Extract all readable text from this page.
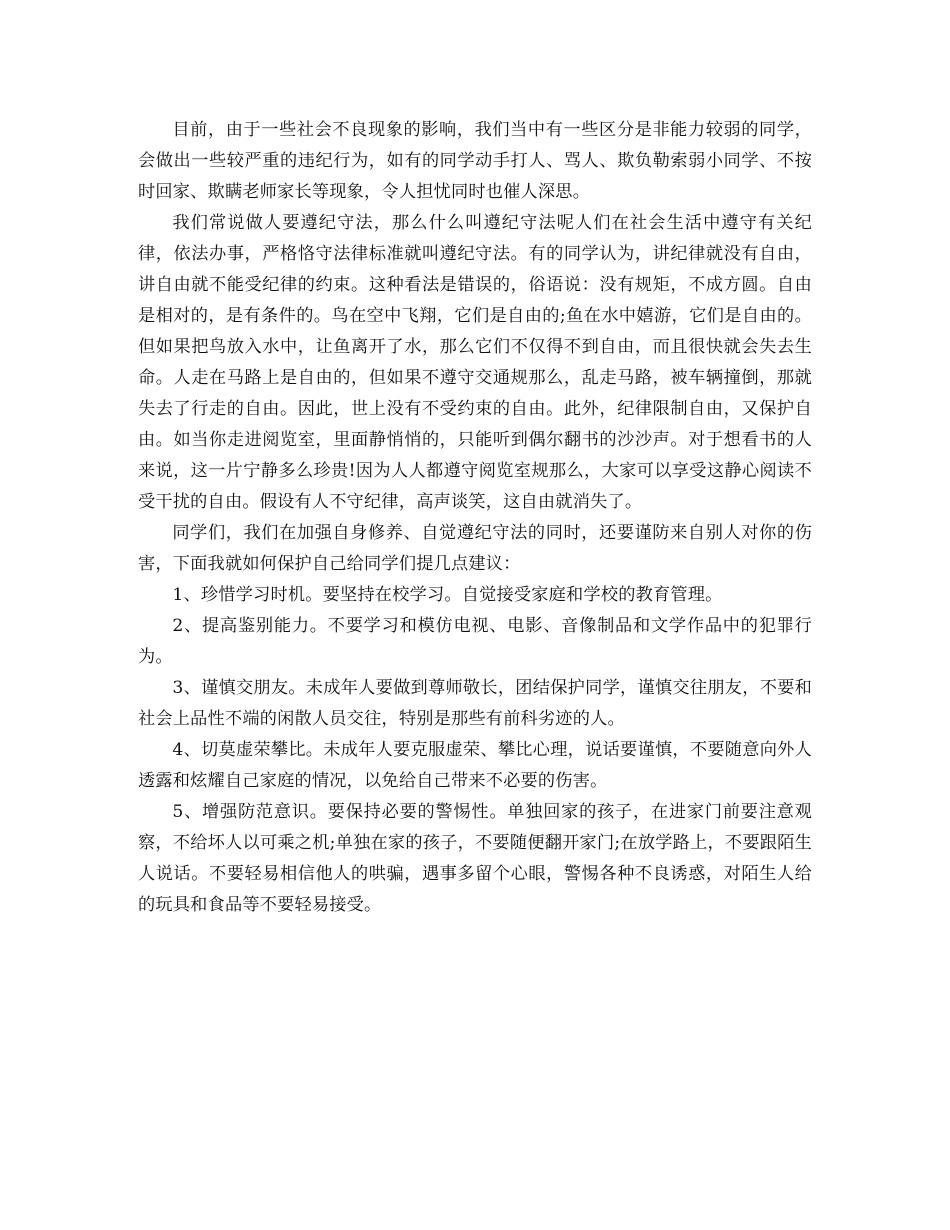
目前，由于一些社会不良现象的影响，我们当中有一些区分是非能力较弱的同学，会做出一些较严重的违纪行为，如有的同学动手打人、骂人、欺负勒索弱小同学、不按时回家、欺瞒老师家长等现象，令人担忧同时也催人深思。

我们常说做人要遵纪守法，那么什么叫遵纪守法呢人们在社会生活中遵守有关纪律，依法办事，严格恪守法律标准就叫遵纪守法。有的同学认为，讲纪律就没有自由，讲自由就不能受纪律的约束。这种看法是错误的，俗语说：没有规矩，不成方圆。自由是相对的，是有条件的。鸟在空中飞翔，它们是自由的;鱼在水中嬉游，它们是自由的。但如果把鸟放入水中，让鱼离开了水，那么它们不仅得不到自由，而且很快就会失去生命。人走在马路上是自由的，但如果不遵守交通规那么，乱走马路，被车辆撞倒，那就失去了行走的自由。因此，世上没有不受约束的自由。此外，纪律限制自由，又保护自由。如当你走进阅览室，里面静悄悄的，只能听到偶尔翻书的沙沙声。对于想看书的人来说，这一片宁静多么珍贵!因为人人都遵守阅览室规那么，大家可以享受这静心阅读不受干扰的自由。假设有人不守纪律，高声谈笑，这自由就消失了。

同学们，我们在加强自身修养、自觉遵纪守法的同时，还要谨防来自别人对你的伤害，下面我就如何保护自己给同学们提几点建议：

1、珍惜学习时机。要坚持在校学习。自觉接受家庭和学校的教育管理。

2、提高鉴别能力。不要学习和模仿电视、电影、音像制品和文学作品中的犯罪行为。

3、谨慎交朋友。未成年人要做到尊师敬长，团结保护同学，谨慎交往朋友，不要和社会上品性不端的闲散人员交往，特别是那些有前科劣迹的人。

4、切莫虚荣攀比。未成年人要克服虚荣、攀比心理，说话要谨慎，不要随意向外人透露和炫耀自己家庭的情况，以免给自己带来不必要的伤害。

5、增强防范意识。要保持必要的警惕性。单独回家的孩子，在进家门前要注意观察，不给坏人以可乘之机;单独在家的孩子，不要随便翻开家门;在放学路上，不要跟陌生人说话。不要轻易相信他人的哄骗，遇事多留个心眼，警惕各种不良诱惑，对陌生人给的玩具和食品等不要轻易接受。
